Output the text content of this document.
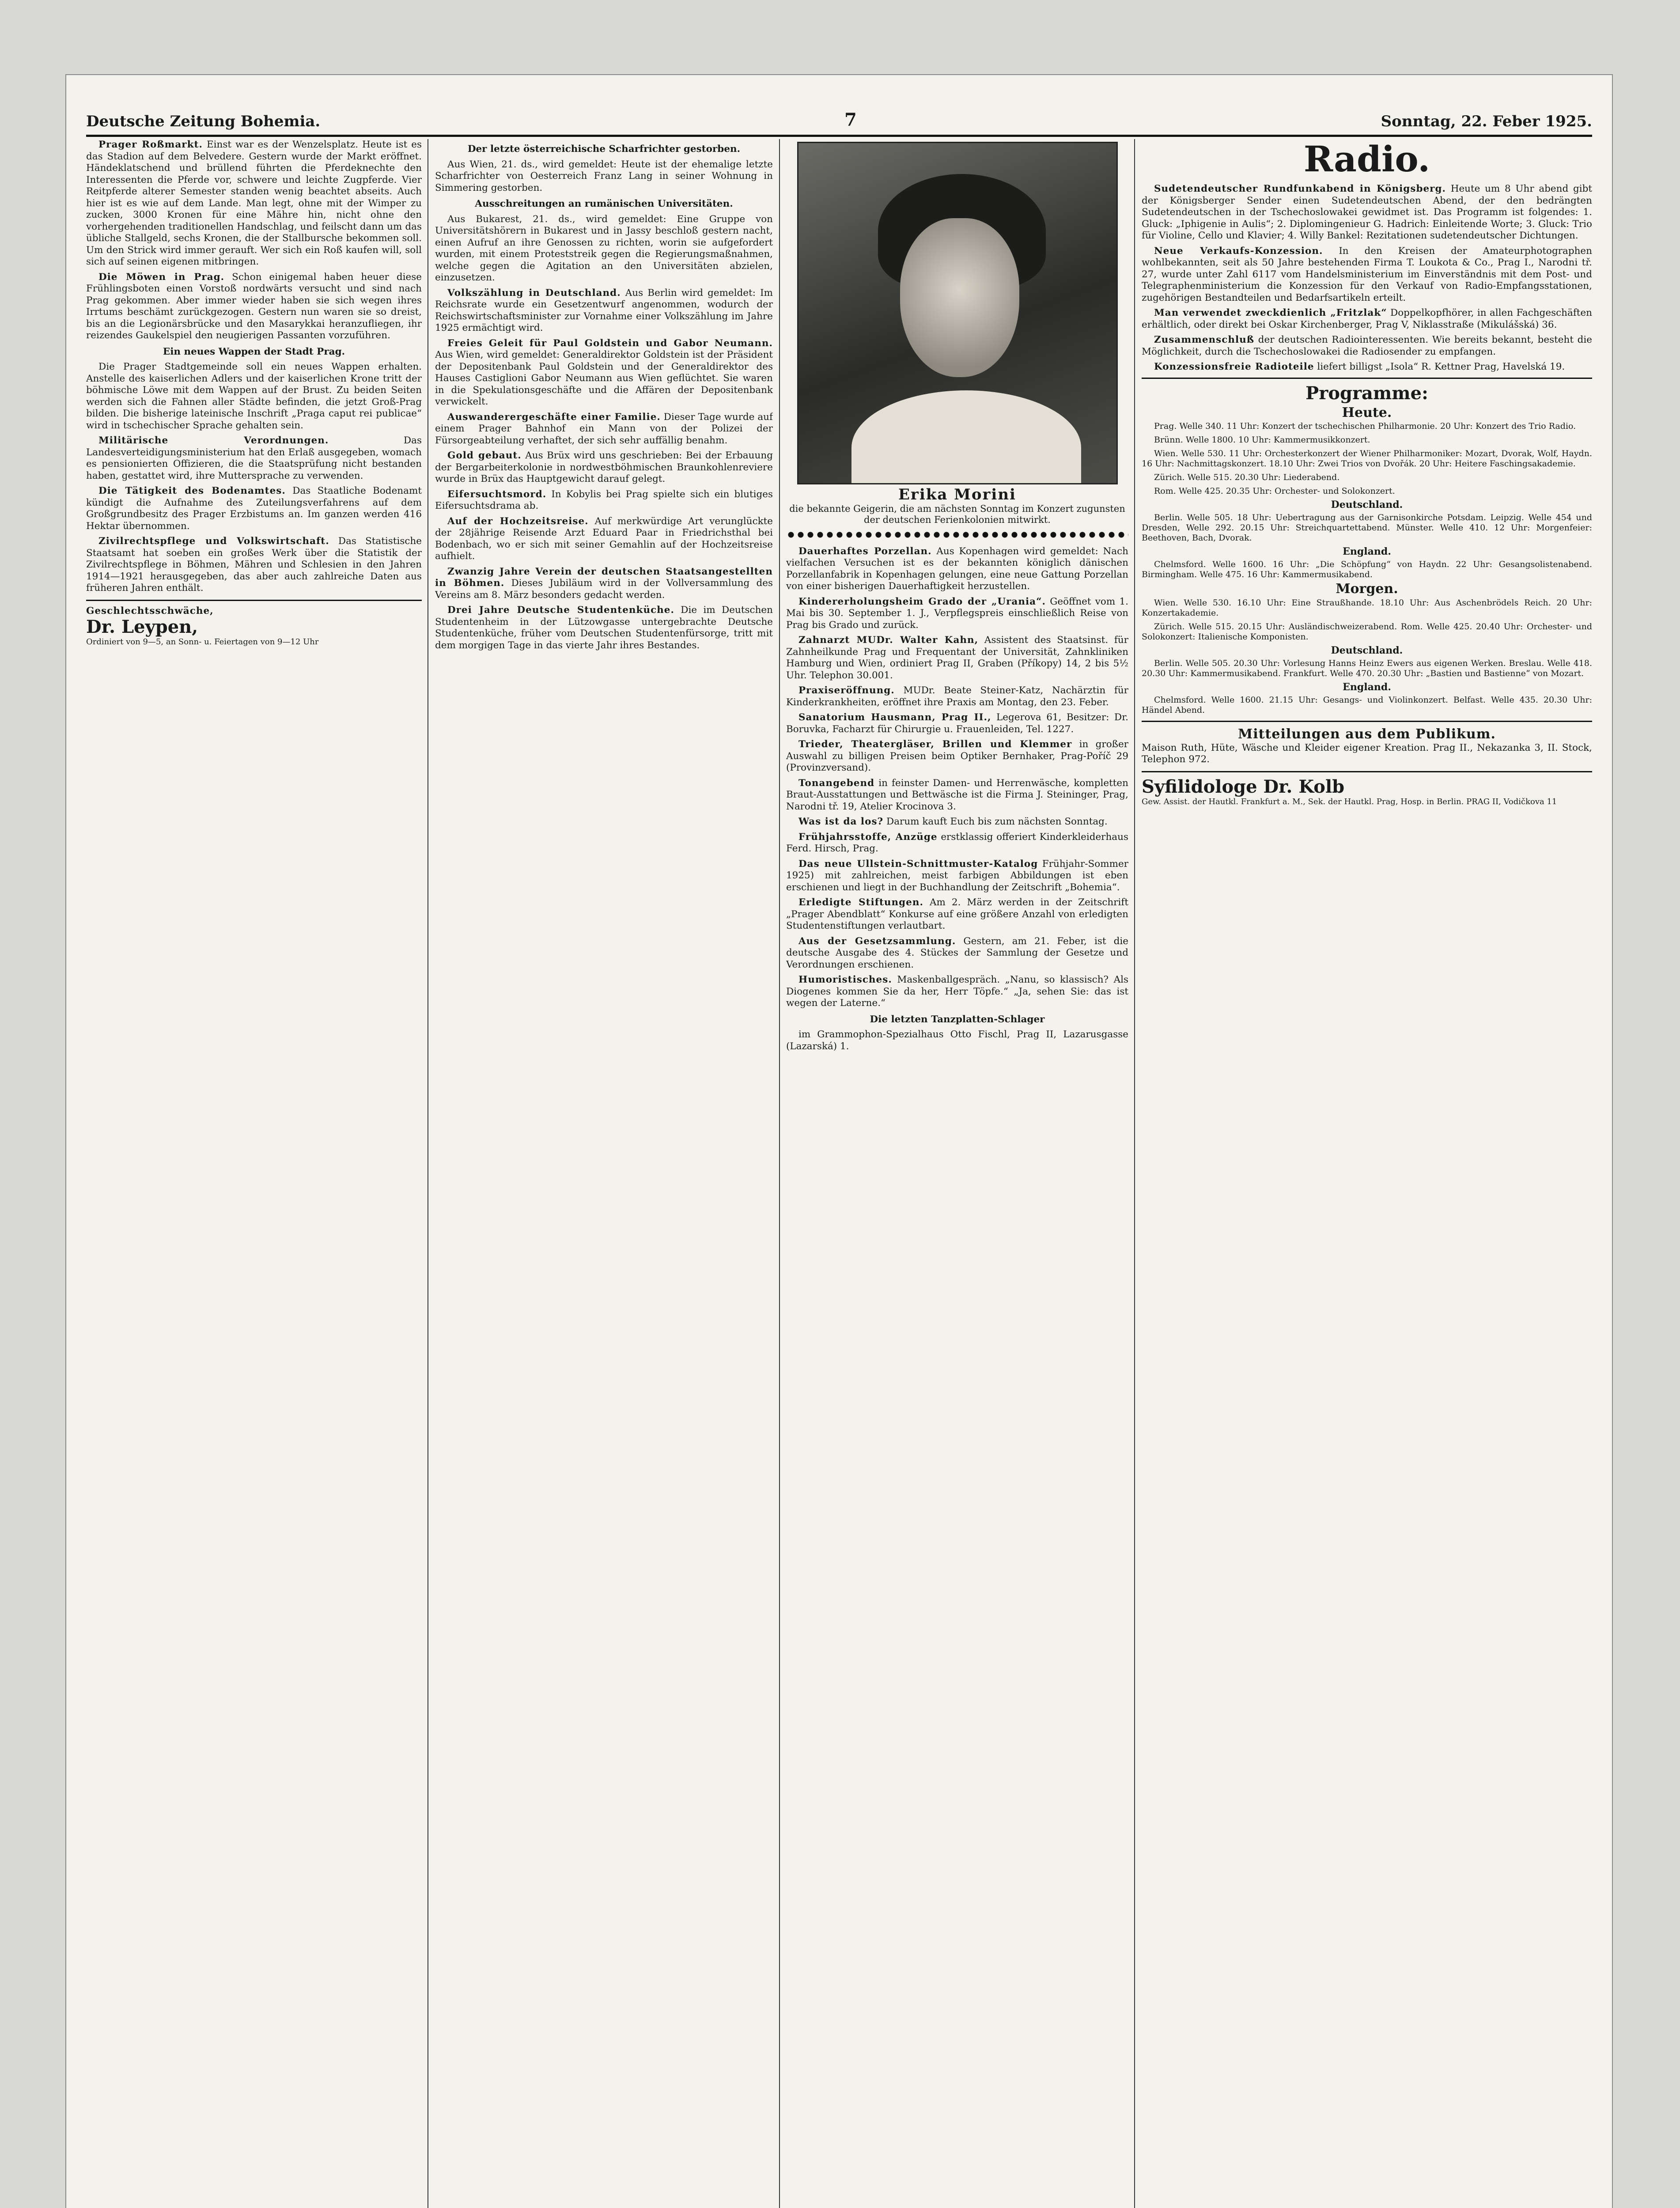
Deutsche Zeitung Bohemia.	7	Sonntag, 22. Feber 1925.

Prager Roßmarkt. Einst war es der Wenzelsplatz. Heute ist es das Stadion auf dem Belvedere. Gestern wurde der Markt eröffnet. Händeklatschend und brüllend führten die Pferdeknechte den Interessenten die Pferde vor, schwere und leichte Zugpferde. Vier Reitpferde alterer Semester standen wenig beachtet abseits. Auch hier ist es wie auf dem Lande. Man legt, ohne mit der Wimper zu zucken, 3000 Kronen für eine Mähre hin, nicht ohne den vorhergehenden traditionellen Handschlag, und feilscht dann um das übliche Stallgeld, sechs Kronen, die der Stallbursche bekommen soll. Um den Strick wird immer gerauft. Wer sich ein Roß kaufen will, soll sich auf seinen eigenen mitbringen.

Die Möwen in Prag. Schon einigemal haben heuer diese Frühlingsboten einen Vorstoß nordwärts versucht und sind nach Prag gekommen. Aber immer wieder haben sie sich wegen ihres Irrtums beschämt zurückgezogen. Gestern nun waren sie so dreist, bis an die Legionärsbrücke und den Masarykkai heranzufliegen, ihr reizendes Gaukelspiel den neugierigen Passanten vorzuführen.

Ein neues Wappen der Stadt Prag.

Die Prager Stadtgemeinde soll ein neues Wappen erhalten. Anstelle des kaiserlichen Adlers und der kaiserlichen Krone tritt der böhmische Löwe mit dem Wappen auf der Brust. Zu beiden Seiten werden sich die Fahnen aller Städte befinden, die jetzt Groß-Prag bilden. Die bisherige lateinische Inschrift „Praga caput rei publicae“ wird in tschechischer Sprache gehalten sein.

Militärische Verordnungen.	Das Landesverteidigungsministerium hat den Erlaß ausgegeben, womach es pensionierten Offizieren, die die Staatsprüfung nicht bestanden haben, gestattet wird, ihre Muttersprache zu verwenden.

Die Tätigkeit des Bodenamtes. Das Staatliche Bodenamt kündigt die Aufnahme des Zuteilungsverfahrens auf dem Großgrundbesitz des Prager Erzbistums an. Im ganzen werden 416 Hektar übernommen.

Zivilrechtspflege und Volkswirtschaft. Das Statistische Staatsamt hat soeben ein großes Werk über die Statistik der Zivilrechtspflege in Böhmen, Mähren und Schlesien in den Jahren 1914—1921 herausgegeben, das aber auch zahlreiche Daten aus früheren Jahren enthält.

Geschlechtsschwäche,
Dr. Leypen,
Ordiniert von 9—5, an Sonn- u. Feiertagen von 9—12 Uhr

Der letzte österreichische Scharfrichter gestorben.

Aus Wien, 21. ds., wird gemeldet: Heute ist der ehemalige letzte Scharfrichter von Oesterreich Franz Lang in seiner Wohnung in Simmering gestorben.

Ausschreitungen an rumänischen Universitäten.

Aus Bukarest, 21. ds., wird gemeldet: Eine Gruppe von Universitätshörern in Bukarest und in Jassy beschloß gestern nacht, einen Aufruf an ihre Genossen zu richten, worin sie aufgefordert wurden, mit einem Proteststreik gegen die Regierungsmaßnahmen, welche gegen die Agitation an den Universitäten abzielen, einzusetzen.

Volkszählung in Deutschland. Aus Berlin wird gemeldet: Im Reichsrate wurde ein Gesetzentwurf angenommen, wodurch der Reichswirtschaftsminister zur Vornahme einer Volkszählung im Jahre 1925 ermächtigt wird.

Freies Geleit für Paul Goldstein und Gabor Neumann. Aus Wien, wird gemeldet: Generaldirektor Goldstein ist der Präsident der Depositenbank Paul Goldstein und der Generaldirektor des Hauses Castiglioni Gabor Neumann aus Wien geflüchtet. Sie waren in die Spekulationsgeschäfte und die Affären der Depositenbank verwickelt.

Auswanderergeschäfte einer Familie. Dieser Tage wurde auf einem Prager Bahnhof ein Mann von der Polizei der Fürsorgeabteilung verhaftet, der sich sehr auffällig benahm.

Gold gebaut. Aus Brüx wird uns geschrieben: Bei der Erbauung der Bergarbeiterkolonie in nordwestböhmischen Braunkohlenreviere wurde in Brüx das Hauptgewicht darauf gelegt.

Eifersuchtsmord. In Kobylis bei Prag spielte sich ein blutiges Eifersuchtsdrama ab.

Auf der Hochzeitsreise. Auf merkwürdige Art verunglückte der 28jährige Reisende Arzt Eduard Paar in Friedrichsthal bei Bodenbach, wo er sich mit seiner Gemahlin auf der Hochzeitsreise aufhielt.

Zwanzig Jahre Verein der deutschen Staatsangestellten in Böhmen. Dieses Jubiläum wird in der Vollversammlung des Vereins am 8. März besonders gedacht werden.

Drei Jahre Deutsche Studentenküche. Die im Deutschen Studentenheim in der Lützowgasse untergebrachte Deutsche Studentenküche, früher vom Deutschen Studentenfürsorge, tritt mit dem morgigen Tage in das vierte Jahr ihres Bestandes.

Erika Morini
die bekannte Geigerin, die am nächsten Sonntag im Konzert zugunsten der deutschen Ferienkolonien mitwirkt.

Dauerhaftes Porzellan. Aus Kopenhagen wird gemeldet: Nach vielfachen Versuchen ist es der bekannten königlich dänischen Porzellanfabrik in Kopenhagen gelungen, eine neue Gattung Porzellan von einer bisherigen Dauerhaftigkeit herzustellen.

Kindererholungsheim Grado der „Urania“. Geöffnet vom 1. Mai bis 30. September 1. J., Verpflegspreis einschließlich Reise von Prag bis Grado und zurück.

Zahnarzt MUDr. Walter Kahn, Assistent des Staatsinst. für Zahnheilkunde Prag und Frequentant der Universität, Zahnkliniken Hamburg und Wien, ordiniert Prag II, Graben (Příkopy) 14, 2 bis 5½ Uhr. Telephon 30.001.

Praxiseröffnung. MUDr. Beate Steiner-Katz, Nachärztin für Kinderkrankheiten, eröffnet ihre Praxis am Montag, den 23. Feber.

Sanatorium Hausmann, Prag II., Legerova 61, Besitzer: Dr. Boruvka, Facharzt für Chirurgie u. Frauenleiden, Tel. 1227.

Trieder, Theatergläser, Brillen und Klemmer in großer Auswahl zu billigen Preisen beim Optiker Bernhaker, Prag-Poříč 29 (Provinzversand).

Tonangebend in feinster Damen- und Herrenwäsche, kompletten Braut-Ausstattungen und Bettwäsche ist die Firma J. Steininger, Prag, Narodni tř. 19, Atelier Krocinova 3.

Was ist da los? Darum kauft Euch bis zum nächsten Sonntag.

Frühjahrsstoffe, Anzüge erstklassig offeriert Kinderkleiderhaus Ferd. Hirsch, Prag.

Das neue Ullstein-Schnittmuster-Katalog Frühjahr-Sommer 1925) mit zahlreichen, meist farbigen Abbildungen ist eben erschienen und liegt in der Buchhandlung der Zeitschrift „Bohemia“.

Erledigte Stiftungen. Am 2. März werden in der Zeitschrift „Prager Abendblatt“ Konkurse auf eine größere Anzahl von erledigten Studentenstiftungen verlautbart.

Aus der Gesetzsammlung. Gestern, am 21. Feber, ist die deutsche Ausgabe des 4. Stückes der Sammlung der Gesetze und Verordnungen erschienen.

Humoristisches. Maskenballgespräch. „Nanu, so klassisch? Als Diogenes kommen Sie da her, Herr Töpfe.“ „Ja, sehen Sie: das ist wegen der Laterne.“

Die letzten Tanzplatten-Schlager

im Grammophon-Spezialhaus Otto Fischl, Prag II, Lazarusgasse (Lazarská) 1.

Radio.

Sudetendeutscher Rundfunkabend in Königsberg. Heute um 8 Uhr abend gibt der Königsberger Sender einen Sudetendeutschen Abend, der den bedrängten Sudetendeutschen in der Tschechoslowakei gewidmet ist. Das Programm ist folgendes: 1. Gluck: „Iphigenie in Aulis“; 2. Diplomingenieur G. Hadrich: Einleitende Worte; 3. Gluck: Trio für Violine, Cello und Klavier; 4. Willy Bankel: Rezitationen sudetendeutscher Dichtungen.

Neue Verkaufs-Konzession. In den Kreisen der Amateurphotographen wohlbekannten, seit als 50 Jahre bestehenden Firma T. Loukota & Co., Prag I., Narodni tř. 27, wurde unter Zahl 6117 vom Handelsministerium im Einverständnis mit dem Post- und Telegraphenministerium die Konzession für den Verkauf von Radio-Empfangsstationen, zugehörigen Bestandteilen und Bedarfsartikeln erteilt.

Man verwendet zweckdienlich „Fritzlak“ Doppelkopfhörer, in allen Fachgeschäften erhältlich, oder direkt bei Oskar Kirchenberger, Prag V, Niklasstraße (Mikulášská) 36.

Zusammenschluß der deutschen Radiointeressenten. Wie bereits bekannt, besteht die Möglichkeit, durch die Tschechoslowakei die Radiosender zu empfangen.

Konzessionsfreie Radioteile liefert billigst „Isola“ R. Kettner Prag, Havelská 19.

Programme:
Heute.

Prag. Welle 340. 11 Uhr: Konzert der tschechischen Philharmonie. 20 Uhr: Konzert des Trio Radio.

Brünn. Welle 1800. 10 Uhr: Kammermusikkonzert.

Wien. Welle 530. 11 Uhr: Orchesterkonzert der Wiener Philharmoniker: Mozart, Dvorak, Wolf, Haydn. 16 Uhr: Nachmittagskonzert. 18.10 Uhr: Zwei Trios von Dvořák. 20 Uhr: Heitere Faschingsakademie.

Zürich. Welle 515. 20.30 Uhr: Liederabend.

Rom. Welle 425. 20.35 Uhr: Orchester- und Solokonzert.

Deutschland.

Berlin. Welle 505. 18 Uhr: Uebertragung aus der Garnisonkirche Potsdam. Leipzig. Welle 454 und Dresden, Welle 292. 20.15 Uhr: Streichquartettabend. Münster. Welle 410. 12 Uhr: Morgenfeier: Beethoven, Bach, Dvorak.

England.

Chelmsford. Welle 1600. 16 Uhr: „Die Schöpfung“ von Haydn. 22 Uhr: Gesangsolistenabend. Birmingham. Welle 475. 16 Uhr: Kammermusikabend.

Morgen.

Wien. Welle 530. 16.10 Uhr: Eine Straußhande. 18.10 Uhr: Aus Aschenbrödels Reich. 20 Uhr: Konzertakademie.

Zürich. Welle 515. 20.15 Uhr: Ausländischweizerabend. Rom. Welle 425. 20.40 Uhr: Orchester- und Solokonzert: Italienische Komponisten.

Deutschland.

Berlin. Welle 505. 20.30 Uhr: Vorlesung Hanns Heinz Ewers aus eigenen Werken. Breslau. Welle 418. 20.30 Uhr: Kammermusikabend. Frankfurt. Welle 470. 20.30 Uhr: „Bastien und Bastienne“ von Mozart.

England.

Chelmsford. Welle 1600. 21.15 Uhr: Gesangs- und Violinkonzert. Belfast. Welle 435. 20.30 Uhr: Händel Abend.

Mitteilungen aus dem Publikum.
Maison Ruth, Hüte, Wäsche und Kleider eigener Kreation. Prag II., Nekazanka 3, II. Stock, Telephon 972.
Syfilidologe Dr. Kolb
Gew. Assist. der Hautkl. Frankfurt a. M., Sek. der Hautkl. Prag, Hosp. in Berlin. PRAG II, Vodičkova 11
